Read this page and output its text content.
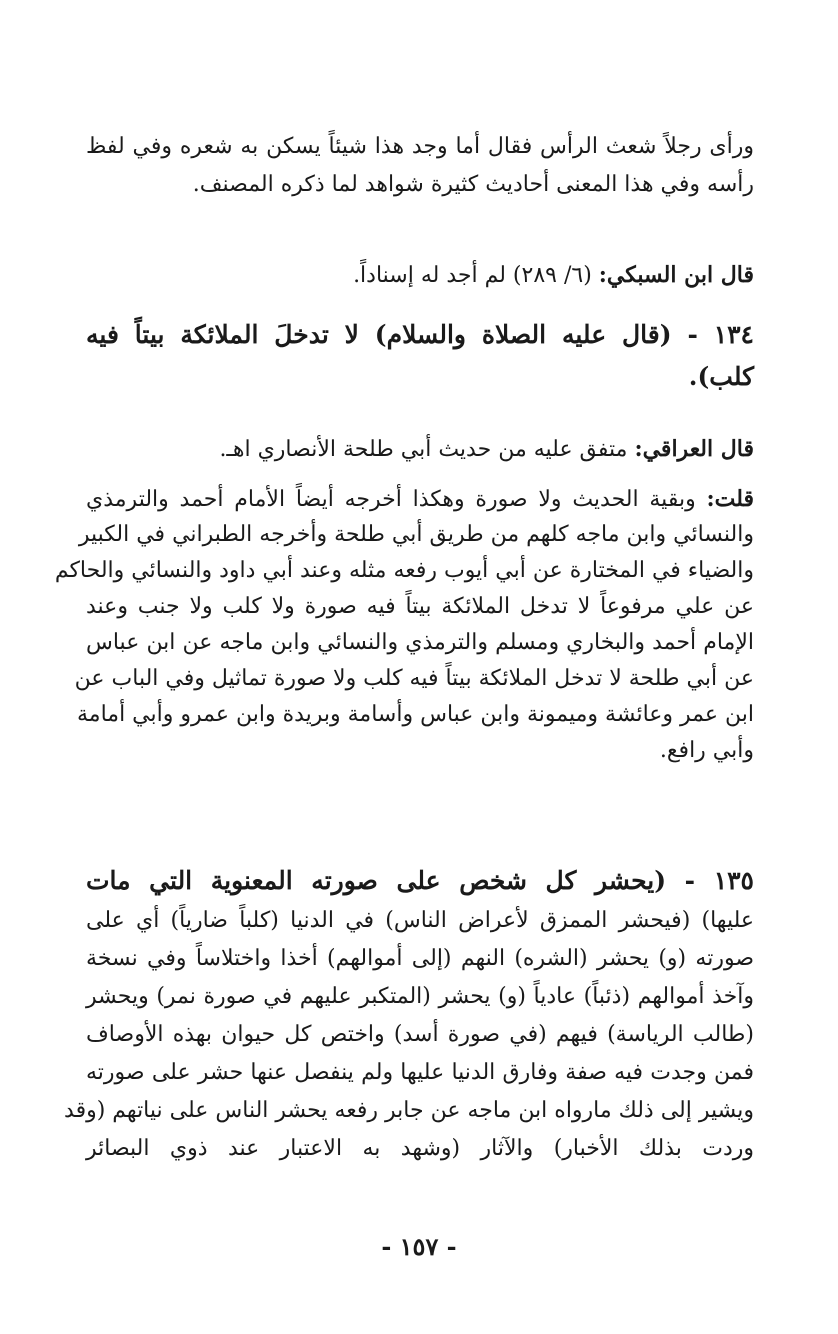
ورأى رجلاً شعث الرأس فقال أما وجد هذا شيئاً يسكن به شعره وفي لفظ
رأسه وفي هذا المعنى أحاديث كثيرة شواهد لما ذكره المصنف.
قال ابن السبكي: (٦/ ٢٨٩) لم أجد له إسناداً.
١٣٤ - (قال عليه الصلاة والسلام) لا تدخلَ الملائكة بيتاً فيه
كلب).
قال العراقي: متفق عليه من حديث أبي طلحة الأنصاري اهـ.
قلت: وبقية الحديث ولا صورة وهكذا أخرجه أيضاً الأمام أحمد والترمذي
والنسائي وابن ماجه كلهم من طريق أبي طلحة وأخرجه الطبراني في الكبير
والضياء في المختارة عن أبي أيوب رفعه مثله وعند أبي داود والنسائي والحاكم
عن علي مرفوعاً لا تدخل الملائكة بيتاً فيه صورة ولا كلب ولا جنب وعند
الإمام أحمد والبخاري ومسلم والترمذي والنسائي وابن ماجه عن ابن عباس
عن أبي طلحة لا تدخل الملائكة بيتاً فيه كلب ولا صورة تماثيل وفي الباب عن
ابن عمر وعائشة وميمونة وابن عباس وأسامة وبريدة وابن عمرو وأبي أمامة
وأبي رافع.
١٣٥ - (يحشر كل شخص على صورته المعنوية التي مات
عليها) (فيحشر الممزق لأعراض الناس) في الدنيا (كلباً ضارياً) أي على
صورته (و) يحشر (الشره) النهم (إلى أموالهم) أخذا واختلاساً وفي نسخة
وآخذ أموالهم (ذئباً) عادياً (و) يحشر (المتكبر عليهم في صورة نمر) ويحشر
(طالب الرياسة) فيهم (في صورة أسد) واختص كل حيوان بهذه الأوصاف
فمن وجدت فيه صفة وفارق الدنيا عليها ولم ينفصل عنها حشر على صورته
ويشير إلى ذلك مارواه ابن ماجه عن جابر رفعه يحشر الناس على نياتهم (وقد
وردت بذلك الأخبار) والآثار (وشهد به الاعتبار عند ذوي البصائر
- ١٥٧ -
